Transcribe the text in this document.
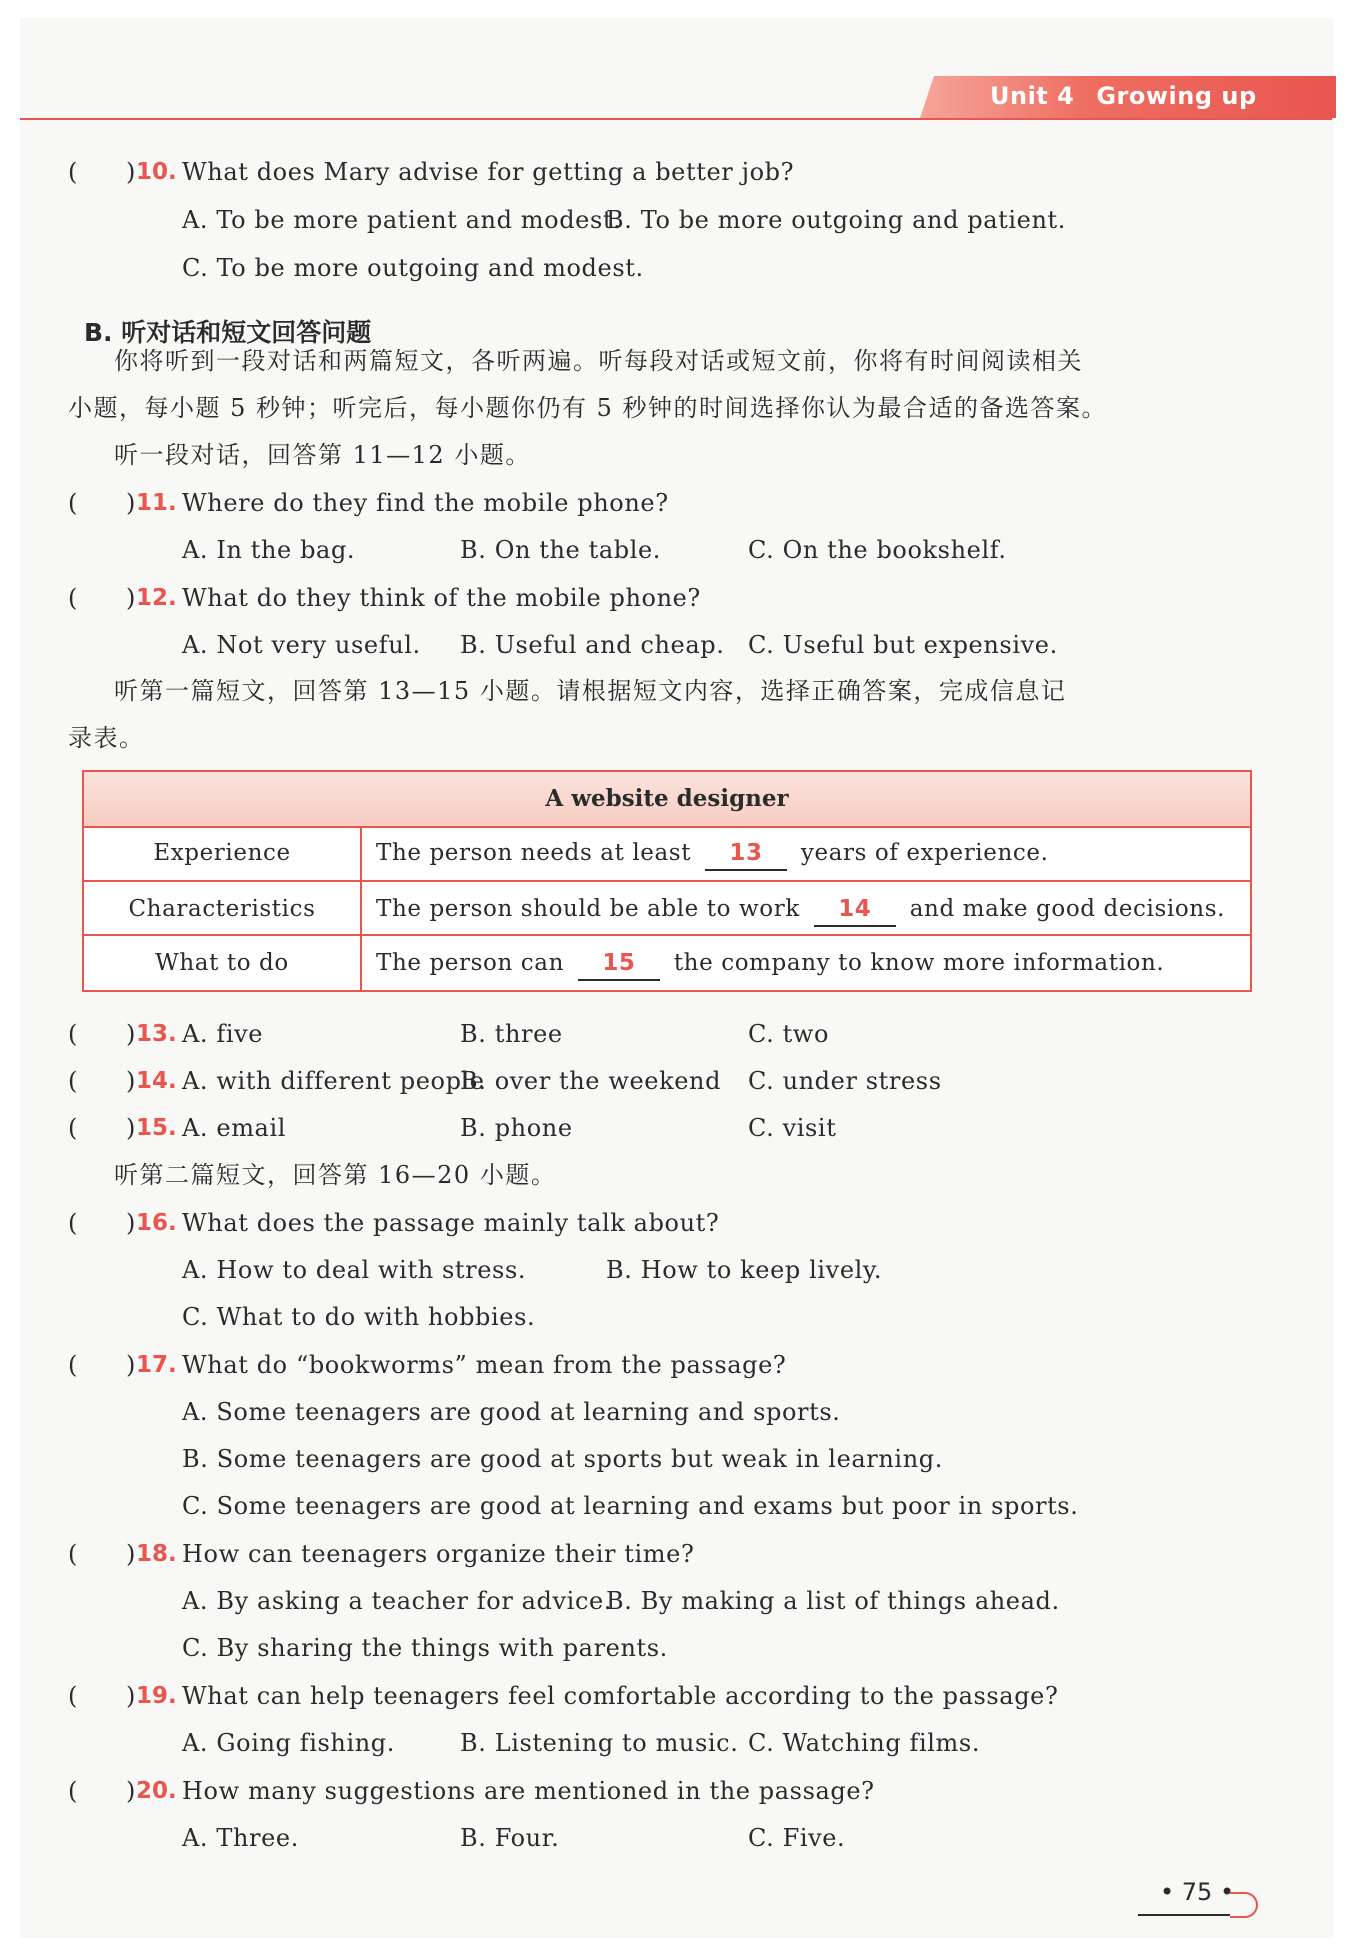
Unit 4 Growing up
( ) 10. What does Mary advise for getting a better job?
A. To be more patient and modest.
B. To be more outgoing and patient.
C. To be more outgoing and modest.
B. 听对话和短文回答问题
你将听到一段对话和两篇短文，各听两遍。听每段对话或短文前，你将有时间阅读相关
小题，每小题 5 秒钟；听完后，每小题你仍有 5 秒钟的时间选择你认为最合适的备选答案。
听一段对话，回答第 11—12 小题。
( ) 11. Where do they find the mobile phone?
A. In the bag.	B. On the table.	C. On the bookshelf.
( ) 12. What do they think of the mobile phone?
A. Not very useful. B. Useful and cheap. C. Useful but expensive.
听第一篇短文，回答第 13—15 小题。请根据短文内容，选择正确答案，完成信息记
录表。
A website designer
Experience	The person needs at least 13 years of experience.
Characteristics	The person should be able to work 14 and make good decisions.
What to do	The person can 15 the company to know more information.
( ) 13. A. five	B. three	C. two
( ) 14. A. with different people
B. over the weekend C. under stress
( ) 15. A. email	B. phone	C. visit
听第二篇短文，回答第 16—20 小题。
( ) 16. What does the passage mainly talk about?
A. How to deal with stress.	B. How to keep lively.
C. What to do with hobbies.
( ) 17. What do “bookworms” mean from the passage?
A. Some teenagers are good at learning and sports.
B. Some teenagers are good at sports but weak in learning.
C. Some teenagers are good at learning and exams but poor in sports.
( ) 18. How can teenagers organize their time?
A. By asking a teacher for advice.
B. By making a list of things ahead.
C. By sharing the things with parents.
( ) 19. What can help teenagers feel comfortable according to the passage?
A. Going fishing.	B. Listening to music. C. Watching films.
( ) 20. How many suggestions are mentioned in the passage?
A. Three.	B. Four.	C. Five.
• 75 •
